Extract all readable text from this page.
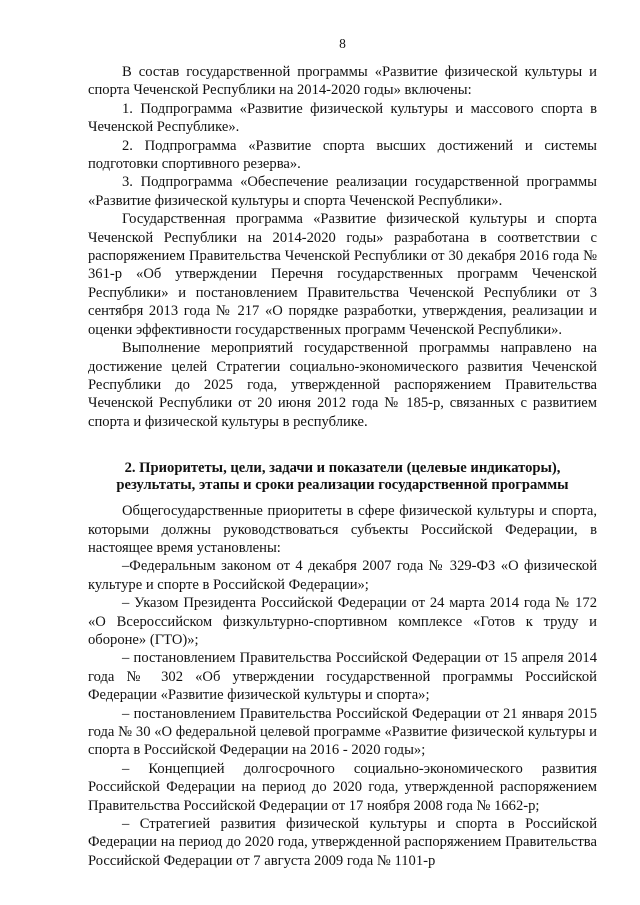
8

В состав государственной программы «Развитие физической культуры и спорта Чеченской Республики на 2014-2020 годы» включены:

1. Подпрограмма «Развитие физической культуры и массового спорта в Чеченской Республике».

2. Подпрограмма «Развитие спорта высших достижений и системы подготовки спортивного резерва».

3. Подпрограмма «Обеспечение реализации государственной программы «Развитие физической культуры и спорта Чеченской Республики».

Государственная программа «Развитие физической культуры и спорта Чеченской Республики на 2014-2020 годы» разработана в соответствии с распоряжением Правительства Чеченской Республики от 30 декабря 2016 года № 361-р «Об утверждении Перечня государственных программ Чеченской Республики» и постановлением Правительства Чеченской Республики от 3 сентября 2013 года № 217 «О порядке разработки, утверждения, реализации и оценки эффективности государственных программ Чеченской Республики».

Выполнение мероприятий государственной программы направлено на достижение целей Стратегии социально-экономического развития Чеченской Республики до 2025 года, утвержденной распоряжением Правительства Чеченской Республики от 20 июня 2012 года № 185-р, связанных с развитием спорта и физической культуры в республике.

2. Приоритеты, цели, задачи и показатели (целевые индикаторы), результаты, этапы и сроки реализации государственной программы

Общегосударственные приоритеты в сфере физической культуры и спорта, которыми должны руководствоваться субъекты Российской Федерации, в настоящее время установлены:

–Федеральным законом от 4 декабря 2007 года № 329-ФЗ «О физической культуре и спорте в Российской Федерации»;

– Указом Президента Российской Федерации от 24 марта 2014 года № 172 «О Всероссийском физкультурно-спортивном комплексе «Готов к труду и обороне» (ГТО)»;

– постановлением Правительства Российской Федерации от 15 апреля 2014 года № 302 «Об утверждении государственной программы Российской Федерации «Развитие физической культуры и спорта»;

– постановлением Правительства Российской Федерации от 21 января 2015 года № 30 «О федеральной целевой программе «Развитие физической культуры и спорта в Российской Федерации на 2016 - 2020 годы»;

– Концепцией долгосрочного социально-экономического развития Российской Федерации на период до 2020 года, утвержденной распоряжением Правительства Российской Федерации от 17 ноября 2008 года № 1662-р;

– Стратегией развития физической культуры и спорта в Российской Федерации на период до 2020 года, утвержденной распоряжением Правительства Российской Федерации от 7 августа 2009 года № 1101-р
